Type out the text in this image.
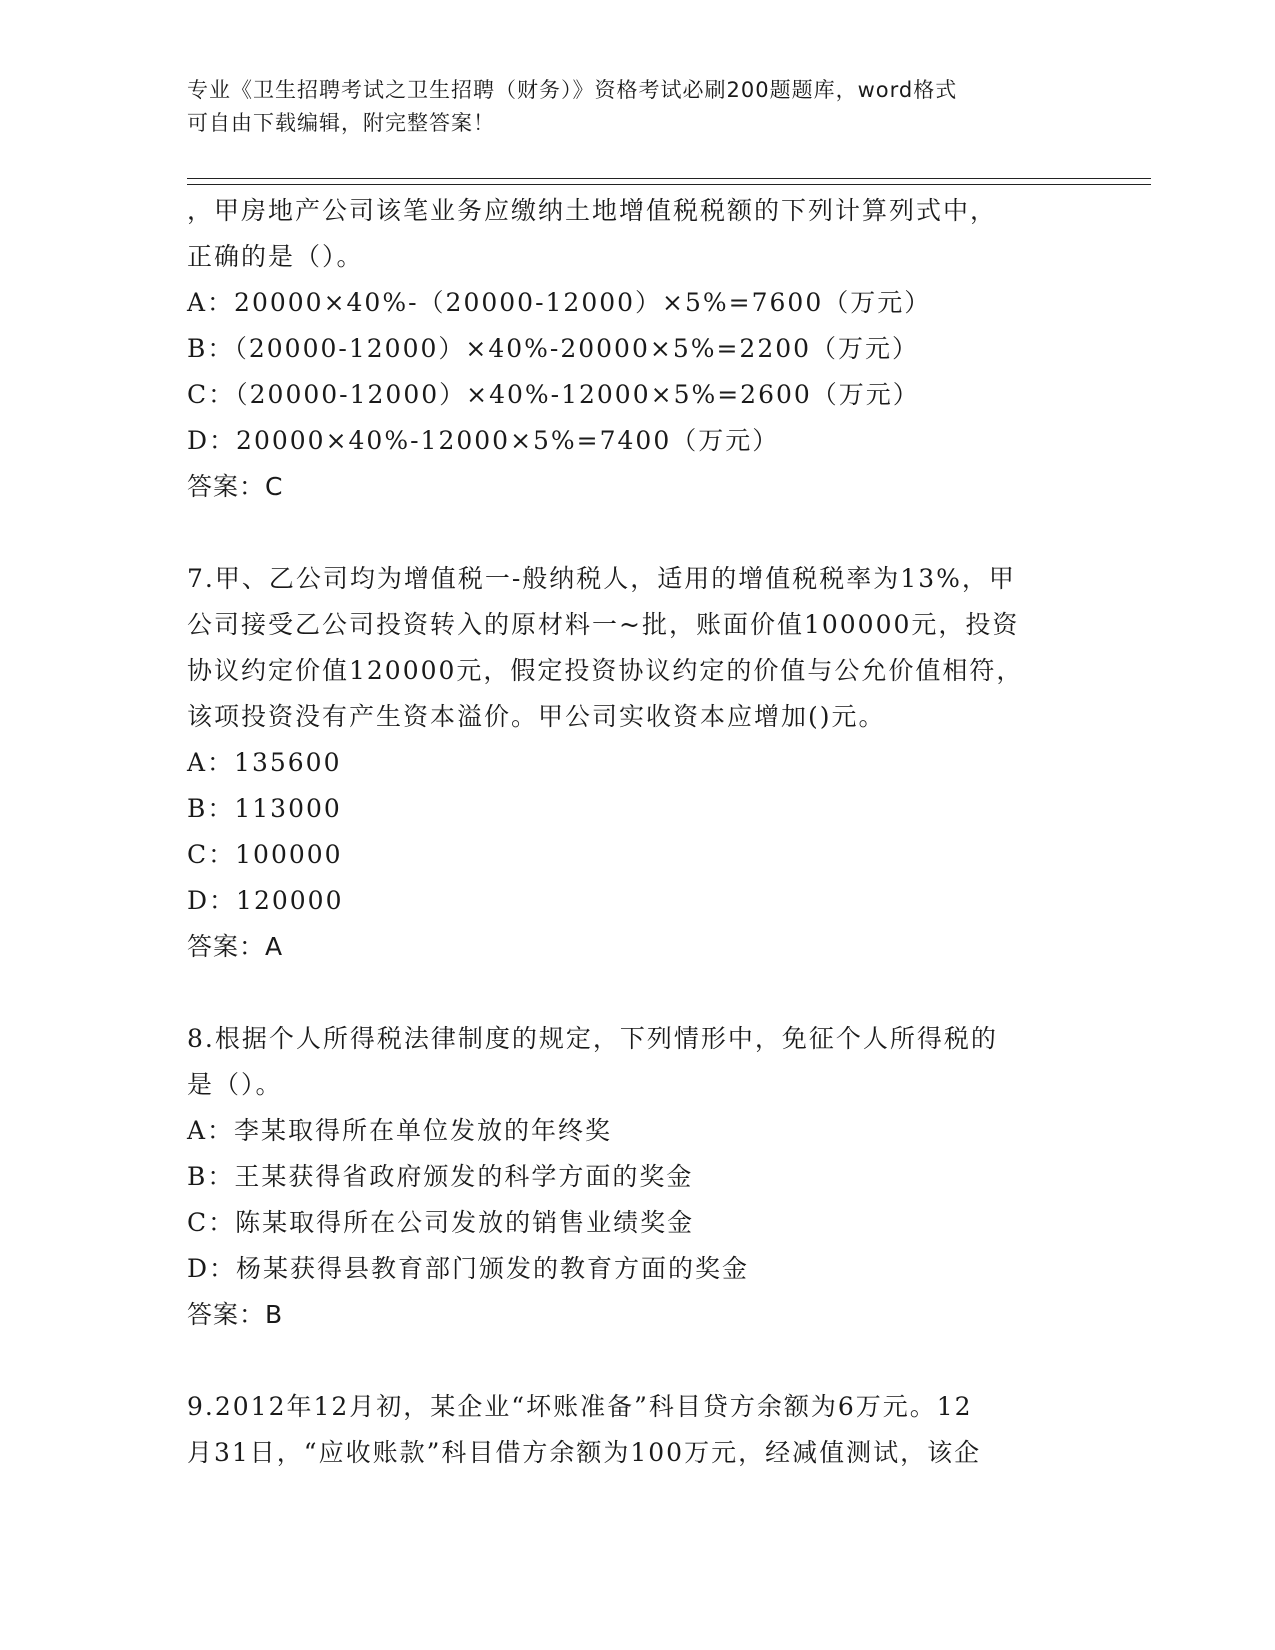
专业《卫生招聘考试之卫生招聘（财务）》资格考试必刷200题题库，word格式

可自由下载编辑，附完整答案！

，甲房地产公司该笔业务应缴纳土地增值税税额的下列计算列式中，

正确的是（）。

A：20000×40%-（20000-12000）×5%=7600（万元）

B：（20000-12000）×40%-20000×5%=2200（万元）

C：（20000-12000）×40%-12000×5%=2600（万元）

D：20000×40%-12000×5%=7400（万元）

答案：C

7.甲、乙公司均为增值税一-般纳税人，适用的增值税税率为13%，甲

公司接受乙公司投资转入的原材料一~批，账面价值100000元，投资

协议约定价值120000元，假定投资协议约定的价值与公允价值相符，

该项投资没有产生资本溢价。甲公司实收资本应增加()元。

A：135600

B：113000

C：100000

D：120000

答案：A

8.根据个人所得税法律制度的规定，下列情形中，免征个人所得税的

是（）。

A：李某取得所在单位发放的年终奖

B：王某获得省政府颁发的科学方面的奖金

C：陈某取得所在公司发放的销售业绩奖金

D：杨某获得县教育部门颁发的教育方面的奖金

答案：B

9.2012年12月初，某企业“坏账准备”科目贷方余额为6万元。12

月31日，“应收账款”科目借方余额为100万元，经减值测试，该企
